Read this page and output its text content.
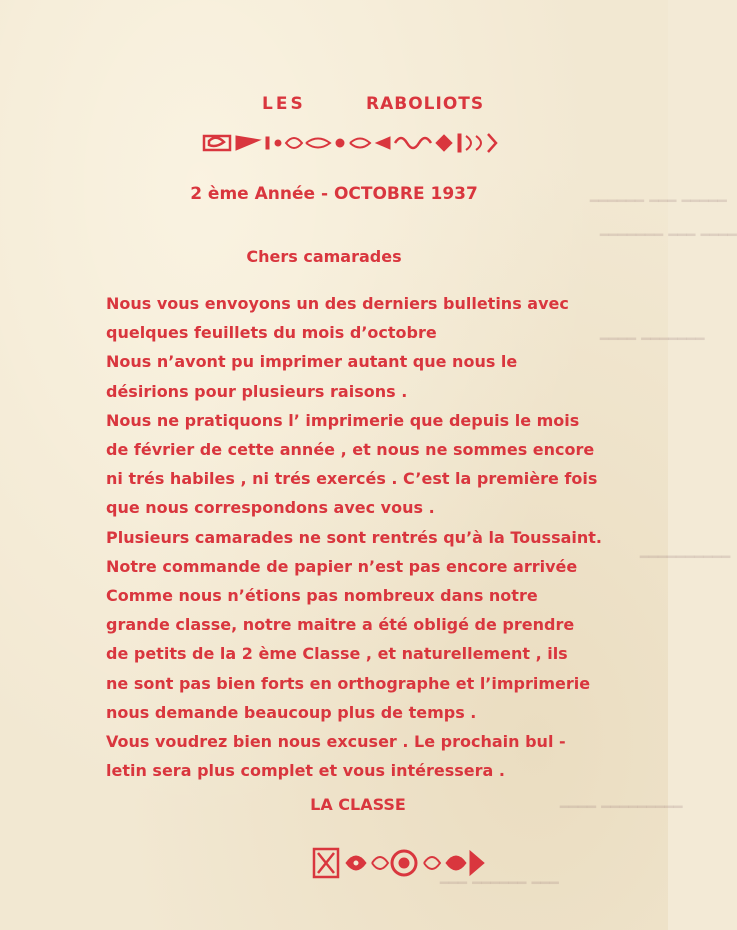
━━━━━ ━━━ ━━━━━━
━━━━ ━━━ ━━━━━━━
━━━━━━━ ━━━━
━━━━━━━━━━
━━━━━━━━━ ━━━━
━━━ ━━━━━━ ━━━
LES	RABOLIOTS
2 ème Année - OCTOBRE 1937
Chers camarades
Nous vous envoyons un des derniers bulletins avec
quelques feuillets du mois d’octobre
Nous n’avont pu imprimer autant que nous le
désirions pour plusieurs raisons .
Nous ne pratiquons l’ imprimerie que depuis le mois
de février de cette année , et nous ne sommes encore
ni trés habiles , ni trés exercés . C’est la première fois
que nous correspondons avec vous .
Plusieurs camarades ne sont rentrés qu’à la Toussaint.
Notre commande de papier n’est pas encore arrivée
Comme nous n’étions pas nombreux dans notre
grande classe, notre maitre a été obligé de prendre
de petits de la 2 ème Classe , et naturellement , ils
ne sont pas bien forts en orthographe et l’imprimerie
nous demande beaucoup plus de temps .
Vous voudrez bien nous excuser . Le prochain bul -
letin sera plus complet et vous intéressera .
LA CLASSE
